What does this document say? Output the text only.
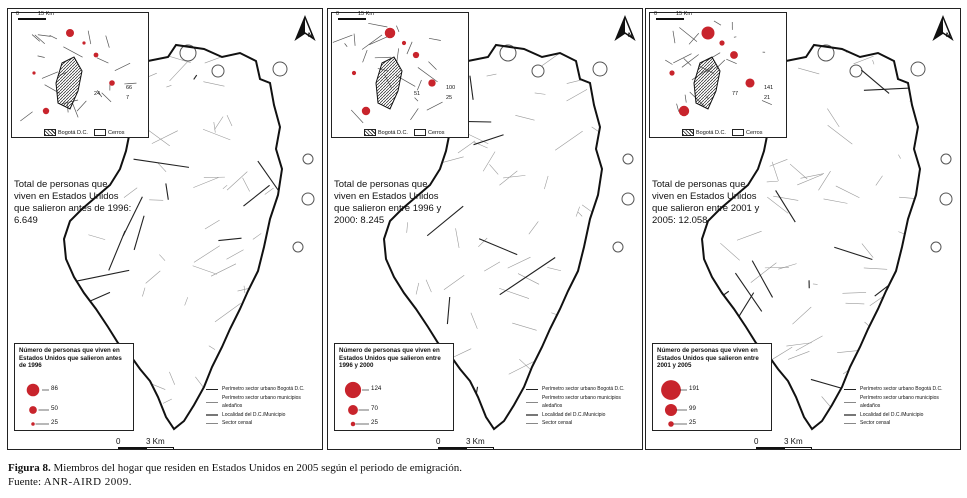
0	15 Km
66
24
7
Bogotá D.C.	Cerros
N
Total de personas que viven en Estados Unidos que salieron antes de 1996: 6.649
Número de personas que viven en Estados Unidos que salieron antes de 1996
86
50
25
Perímetro sector urbano Bogotá D.C.
Perímetro sector urbano municipios aledaños
Localidad del D.C./Municipio
Sector censal
0	3 Km
0	15 Km
100
51
25
Bogotá D.C.	Cerros
N
Total de personas que viven en Estados Unidos que salieron entre 1996 y 2000: 8.245
Número de personas que viven en Estados Unidos que salieron entre 1996 y 2000
124
70
25
Perímetro sector urbano Bogotá D.C.
Perímetro sector urbano municipios aledaños
Localidad del D.C./Municipio
Sector censal
0	3 Km
0	15 Km
141
77
21
Bogotá D.C.	Cerros
N
Total de personas que viven en Estados Unidos que salieron entre 2001 y 2005: 12.058
Número de personas que viven en Estados Unidos que salieron entre 2001 y 2005
191
99
25
Perímetro sector urbano Bogotá D.C.
Perímetro sector urbano municipios aledaños
Localidad del D.C./Municipio
Sector censal
0	3 Km
Figura 8. Miembros del hogar que residen en Estados Unidos en 2005 según el periodo de emigración.
Fuente: ANR-AIRD 2009.
